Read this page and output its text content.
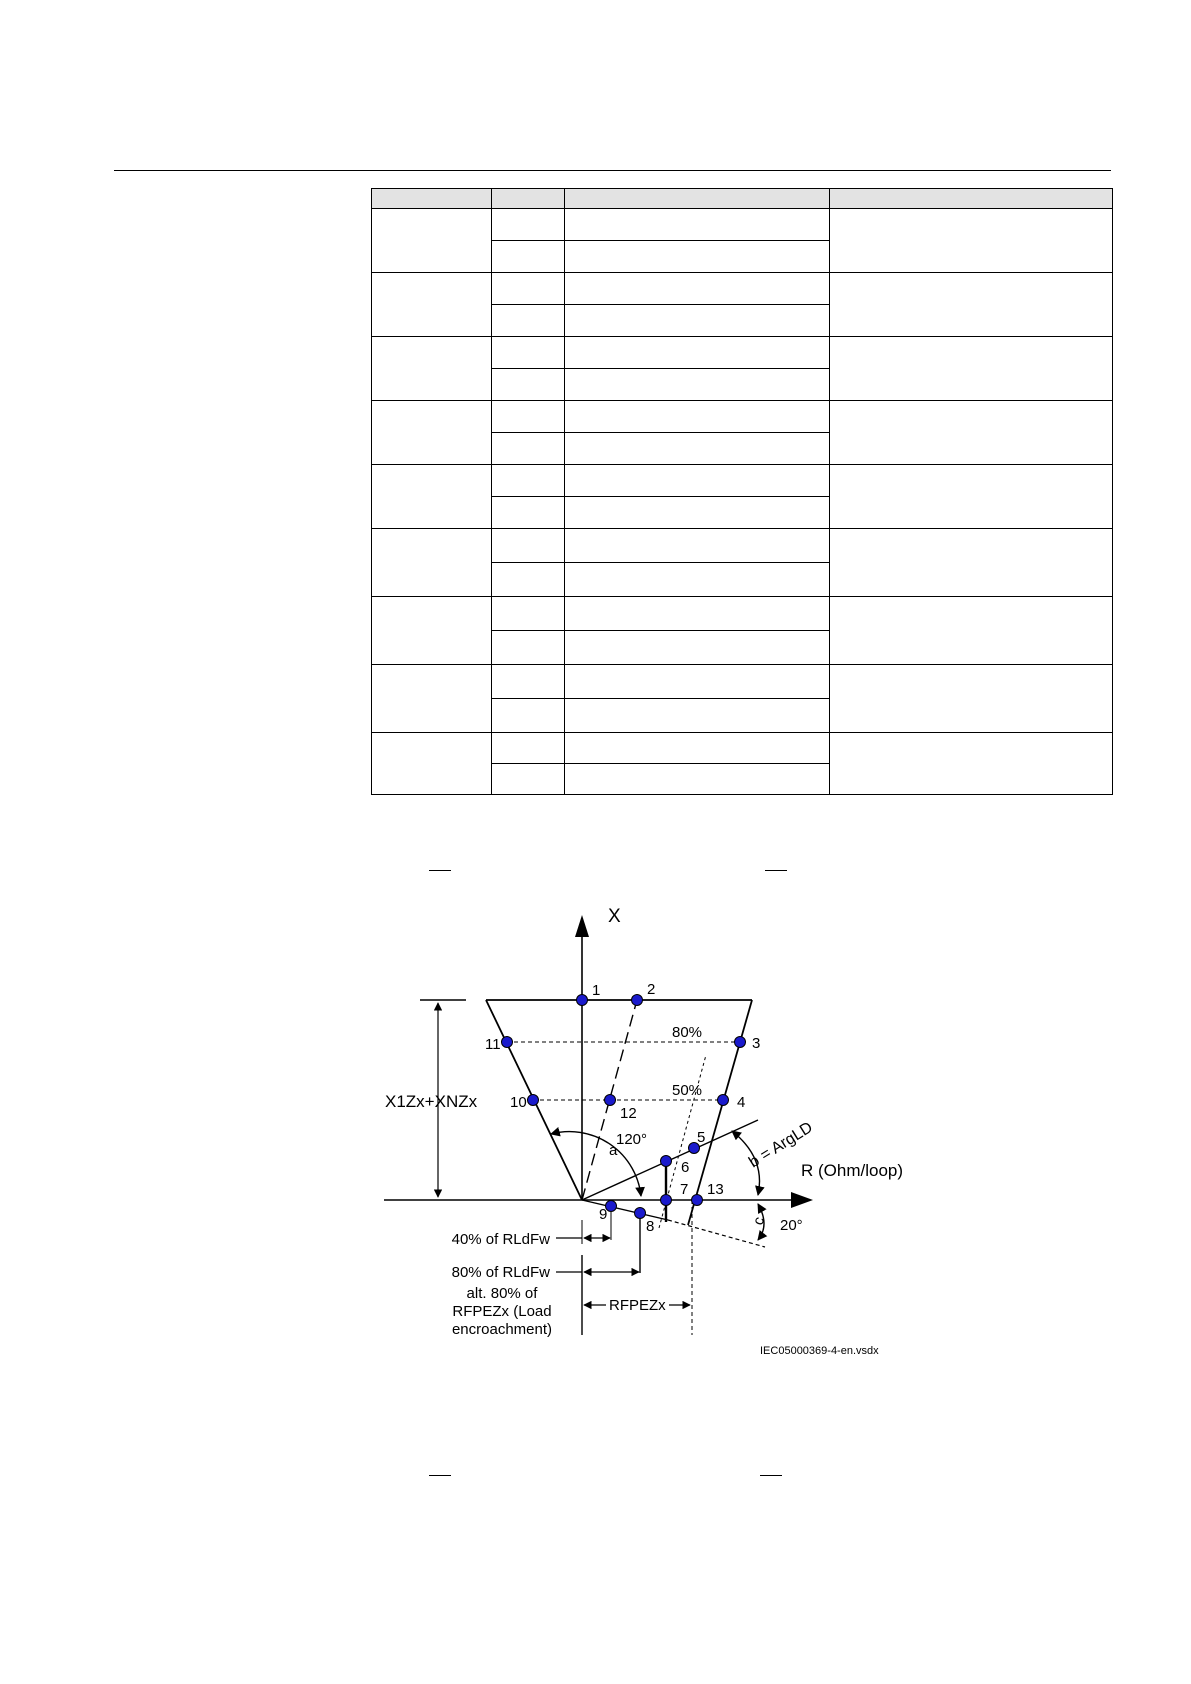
X
R (Ohm/loop)
1	2
3
4
5
6
7
8
9
10
11
12
13
80%
50%
X1Zx+XNZx
a
120°	b = ArgLD
c 20°
40% of RLdFw
80% of RLdFw
alt. 80% of
RFPEZx (Load
encroachment)
RFPEZx
IEC05000369-4-en.vsdx
